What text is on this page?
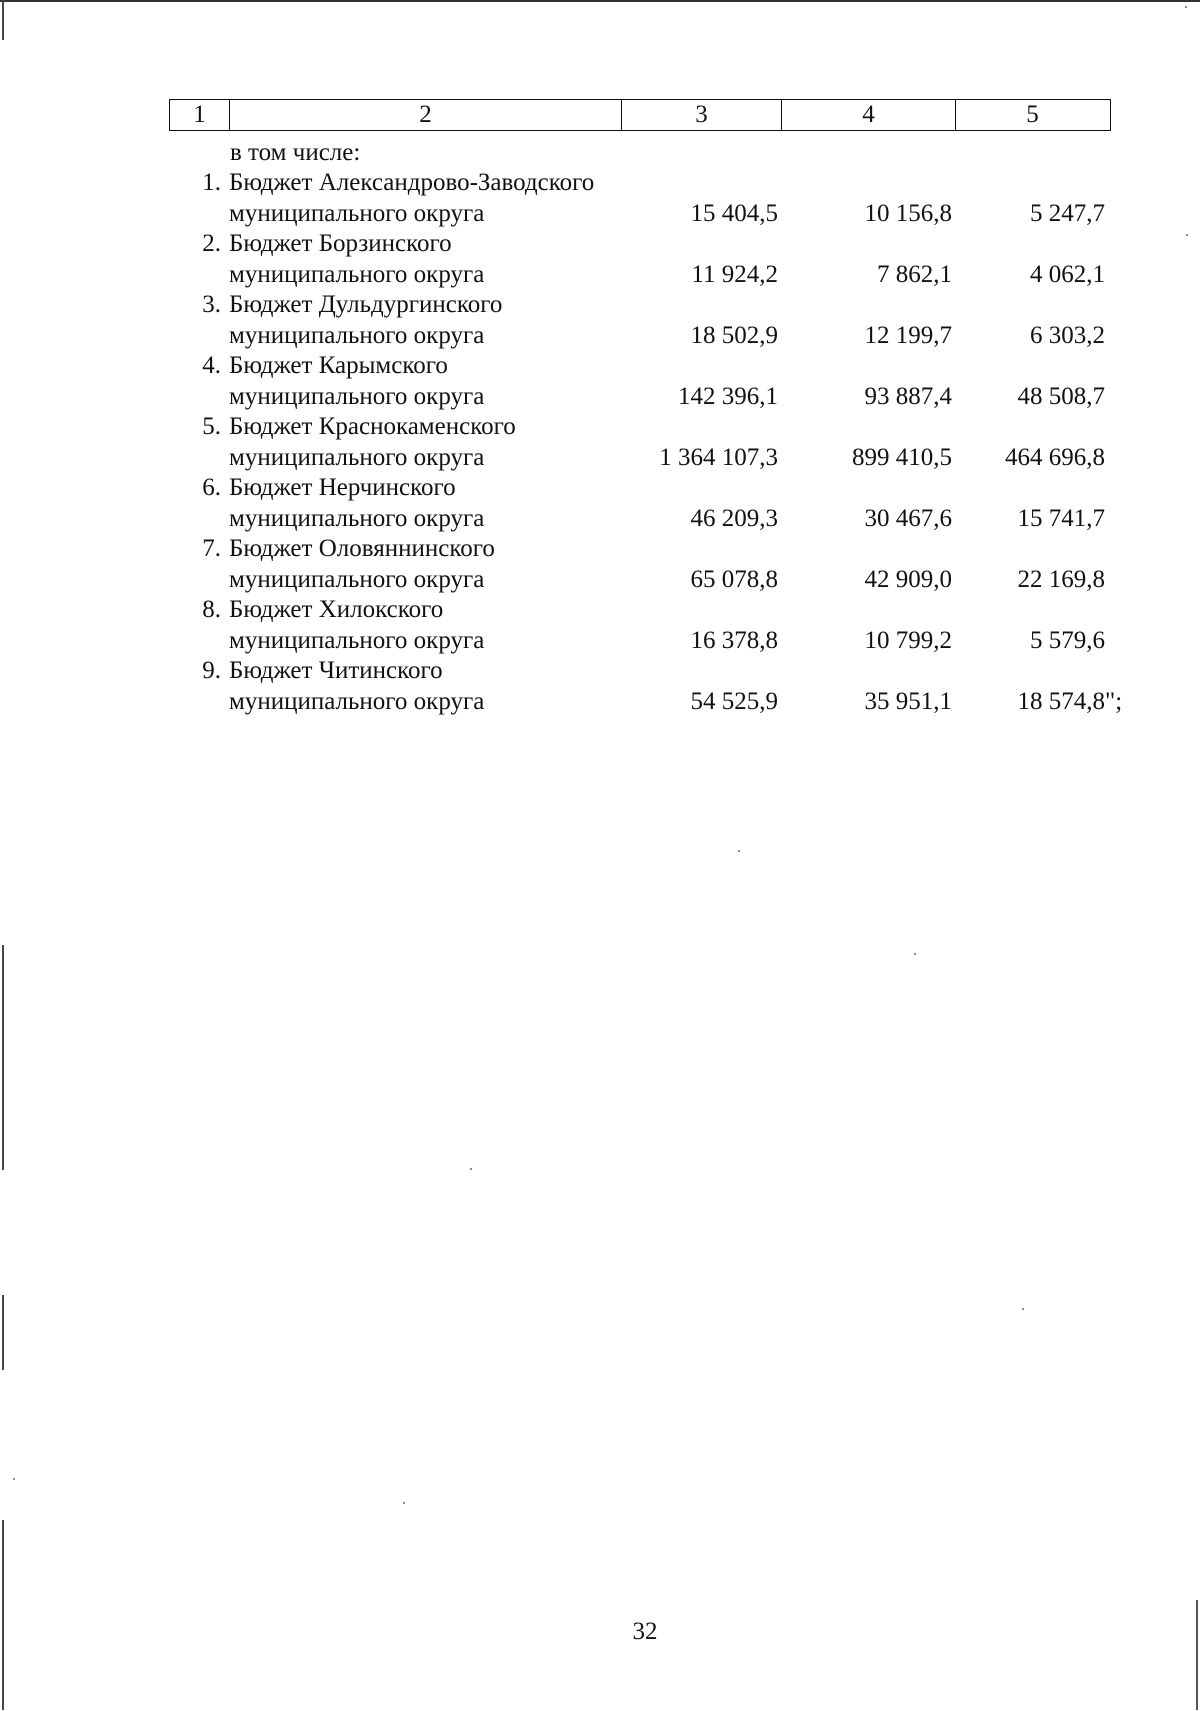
1	2	3	4	5
в том числе:
1. Бюджет Александрово-Заводского
муниципального округа	15 404,5	10 156,8	5 247,7
2. Бюджет Борзинского
муниципального округа	11 924,2	7 862,1	4 062,1
3. Бюджет Дульдургинского
муниципального округа	18 502,9	12 199,7	6 303,2
4. Бюджет Карымского
муниципального округа	142 396,1	93 887,4	48 508,7
5. Бюджет Краснокаменского
муниципального округа	1 364 107,3	899 410,5	464 696,8
6. Бюджет Нерчинского
муниципального округа	46 209,3	30 467,6	15 741,7
7. Бюджет Оловяннинского
муниципального округа	65 078,8	42 909,0	22 169,8
8. Бюджет Хилокского
муниципального округа	16 378,8	10 799,2	5 579,6
9. Бюджет Читинского
муниципального округа	54 525,9	35 951,1	18 574,8 ";
32
